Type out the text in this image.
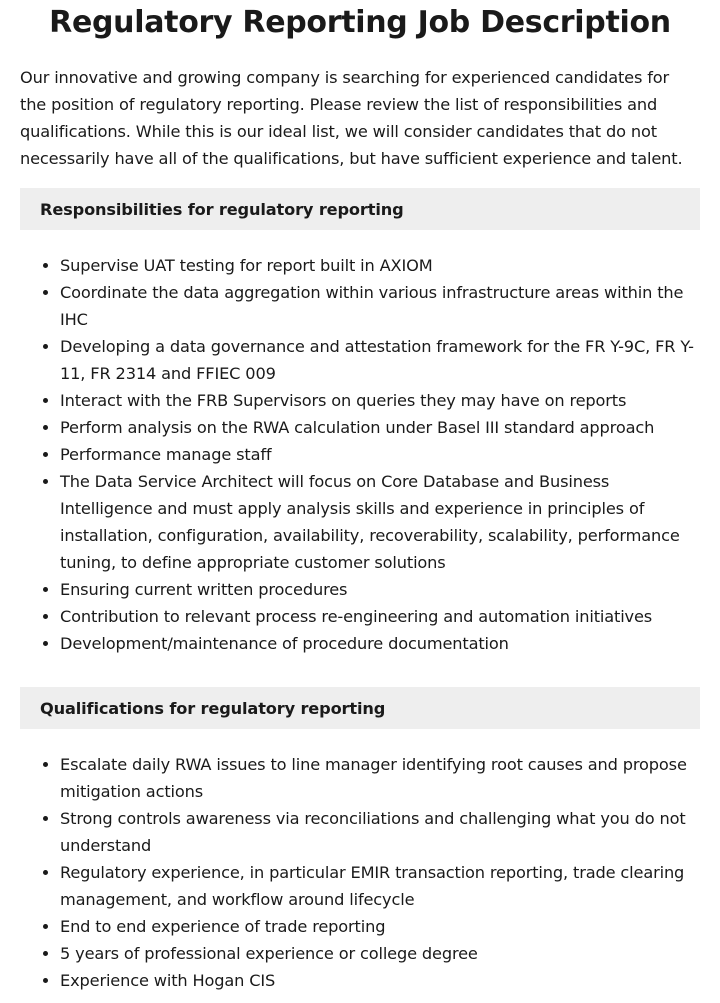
Regulatory Reporting Job Description

Our innovative and growing company is searching for experienced candidates for the position of regulatory reporting. Please review the list of responsibilities and qualifications. While this is our ideal list, we will consider candidates that do not necessarily have all of the qualifications, but have sufficient experience and talent.

Responsibilities for regulatory reporting
• Supervise UAT testing for report built in AXIOM
• Coordinate the data aggregation within various infrastructure areas within the IHC
• Developing a data governance and attestation framework for the FR Y-9C, FR Y-11, FR 2314 and FFIEC 009
• Interact with the FRB Supervisors on queries they may have on reports
• Perform analysis on the RWA calculation under Basel III standard approach
• Performance manage staff
• The Data Service Architect will focus on Core Database and Business Intelligence and must apply analysis skills and experience in principles of installation, configuration, availability, recoverability, scalability, performance tuning, to define appropriate customer solutions
• Ensuring current written procedures
• Contribution to relevant process re-engineering and automation initiatives
• Development/maintenance of procedure documentation
Qualifications for regulatory reporting
• Escalate daily RWA issues to line manager identifying root causes and propose mitigation actions
• Strong controls awareness via reconciliations and challenging what you do not understand
• Regulatory experience, in particular EMIR transaction reporting, trade clearing management, and workflow around lifecycle
• End to end experience of trade reporting
• 5 years of professional experience or college degree
• Experience with Hogan CIS
